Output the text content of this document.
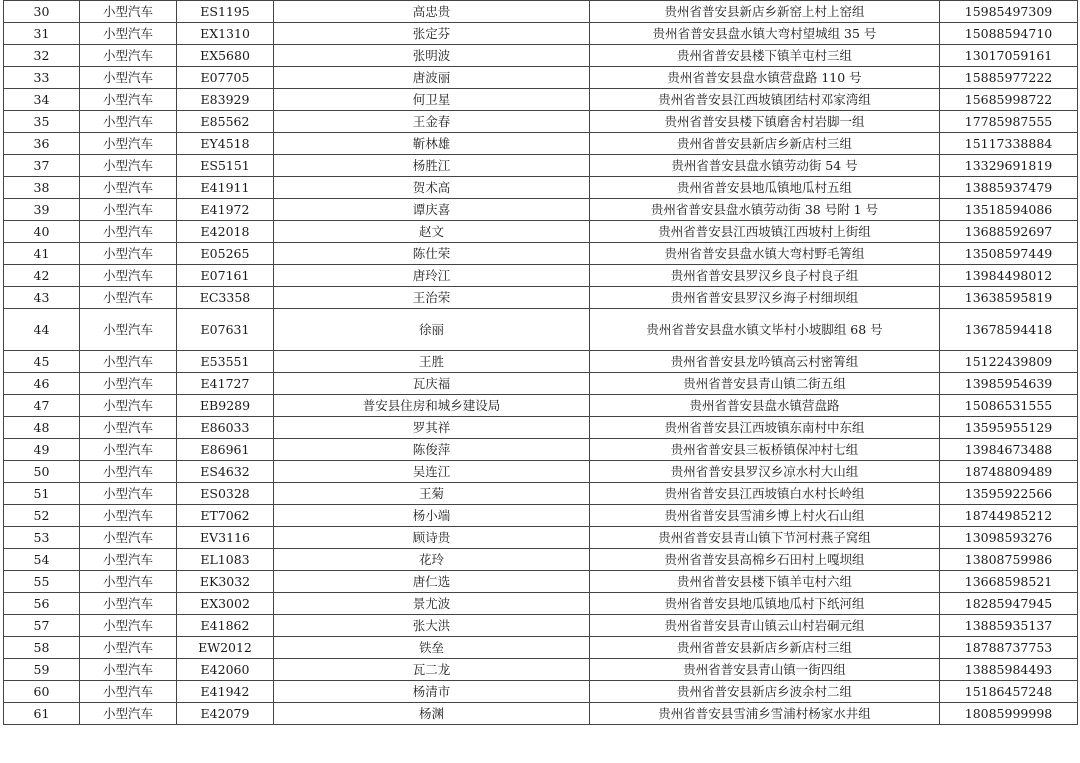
30	小型汽车	ES1195	高忠贵	贵州省普安县新店乡新窑上村上窑组	15985497309
31	小型汽车	EX1310	张定芬	贵州省普安县盘水镇大弯村望城组 35 号	15088594710
32	小型汽车	EX5680	张明波	贵州省普安县楼下镇羊屯村三组	13017059161
33	小型汽车	E07705	唐波丽	贵州省普安县盘水镇营盘路 110 号	15885977222
34	小型汽车	E83929	何卫星	贵州省普安县江西坡镇团结村邓家湾组	15685998722
35	小型汽车	E85562	王金春	贵州省普安县楼下镇磨舍村岩脚一组	17785987555
36	小型汽车	EY4518	靳林雄	贵州省普安县新店乡新店村三组	15117338884
37	小型汽车	ES5151	杨胜江	贵州省普安县盘水镇劳动街 54 号	13329691819
38	小型汽车	E41911	贺术高	贵州省普安县地瓜镇地瓜村五组	13885937479
39	小型汽车	E41972	谭庆喜	贵州省普安县盘水镇劳动街 38 号附 1 号	13518594086
40	小型汽车	E42018	赵文	贵州省普安县江西坡镇江西坡村上街组	13688592697
41	小型汽车	E05265	陈仕荣	贵州省普安县盘水镇大弯村野毛箐组	13508597449
42	小型汽车	E07161	唐玲江	贵州省普安县罗汉乡良子村良子组	13984498012
43	小型汽车	EC3358	王治荣	贵州省普安县罗汉乡海子村细坝组	13638595819
44	小型汽车	E07631	徐丽	贵州省普安县盘水镇文毕村小坡脚组 68 号	13678594418
45	小型汽车	E53551	王胜	贵州省普安县龙吟镇高云村密箐组	15122439809
46	小型汽车	E41727	瓦庆福	贵州省普安县青山镇二街五组	13985954639
47	小型汽车	EB9289	普安县住房和城乡建设局	贵州省普安县盘水镇营盘路	15086531555
48	小型汽车	E86033	罗其祥	贵州省普安县江西坡镇东南村中东组	13595955129
49	小型汽车	E86961	陈俊萍	贵州省普安县三板桥镇保冲村七组	13984673488
50	小型汽车	ES4632	吴连江	贵州省普安县罗汉乡凉水村大山组	18748809489
51	小型汽车	ES0328	王菊	贵州省普安县江西坡镇白水村长岭组	13595922566
52	小型汽车	ET7062	杨小端	贵州省普安县雪浦乡博上村火石山组	18744985212
53	小型汽车	EV3116	顾诗贵	贵州省普安县青山镇下节河村燕子窝组	13098593276
54	小型汽车	EL1083	花玲	贵州省普安县高棉乡石田村上嘎坝组	13808759986
55	小型汽车	EK3032	唐仁选	贵州省普安县楼下镇羊屯村六组	13668598521
56	小型汽车	EX3002	景尤波	贵州省普安县地瓜镇地瓜村下纸河组	18285947945
57	小型汽车	E41862	张大洪	贵州省普安县青山镇云山村岩硐元组	13885935137
58	小型汽车	EW2012	铁垒	贵州省普安县新店乡新店村三组	18788737753
59	小型汽车	E42060	瓦二龙	贵州省普安县青山镇一街四组	13885984493
60	小型汽车	E41942	杨清市	贵州省普安县新店乡波余村二组	15186457248
61	小型汽车	E42079	杨渊	贵州省普安县雪浦乡雪浦村杨家水井组	18085999998
